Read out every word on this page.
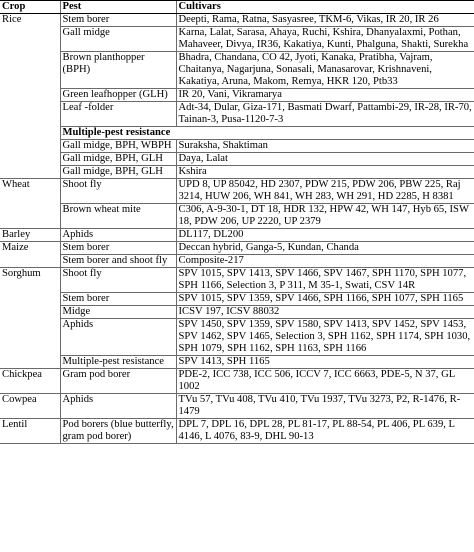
Crop	Pest	Cultivars
Rice	Stem borer	Deepti, Rama, Ratna, Sasyasree, TKM-6, Vikas, IR 20, IR 26
	Gall midge	Karna, Lalat, Sarasa, Ahaya, Ruchi, Kshira, Dhanyalaxmi, Pothan, Mahaveer, Divya, IR36, Kakatiya, Kunti, Phalguna, Shakti, Surekha
	Brown planthopper (BPH)	Bhadra, Chandana, CO 42, Jyoti, Kanaka, Pratibha, Vajram, Chaitanya, Nagarjuna, Sonasali, Manasarovar, Krishnaveni, Kakatiya, Aruna, Makom, Remya, HKR 120, Ptb33
	Green leafhopper (GLH)	IR 20, Vani, Vikramarya
	Leaf -folder	Adt-34, Dular, Giza-171, Basmati Dwarf, Pattambi-29, IR-28, IR-70, Tainan-3, Pusa-1120-7-3
	Multiple-pest resistance	
	Gall midge, BPH, WBPH	Suraksha, Shaktiman
	Gall midge, BPH, GLH	Daya, Lalat
	Gall midge, BPH, GLH	Kshira
Wheat	Shoot fly	UPD 8, UP 85042, HD 2307, PDW 215, PDW 206, PBW 225, Raj 3214, HUW 206, WH 841, WH 283, WH 291, HD 2285, H 8381
	Brown wheat mite	C306, A-9-30-1, DT 18, HDR 132, HPW 42, WH 147, Hyb 65, ISW 18, PDW 206, UP 2220, UP 2379
Barley	Aphids	DL117, DL200
Maize	Stem borer	Deccan hybrid, Ganga-5, Kundan, Chanda
	Stem borer and shoot fly	Composite-217
Sorghum	Shoot fly	SPV 1015, SPV 1413, SPV 1466, SPV 1467, SPH 1170, SPH 1077, SPH 1166, Selection 3, P 311, M 35-1, Swati, CSV 14R
	Stem borer	SPV 1015, SPV 1359, SPV 1466, SPH 1166, SPH 1077, SPH 1165
	Midge	ICSV 197, ICSV 88032
	Aphids	SPV 1450, SPV 1359, SPV 1580, SPV 1413, SPV 1452, SPV 1453, SPV 1462, SPV 1465, Selection 3, SPH 1162, SPH 1174, SPH 1030, SPH 1079, SPH 1162, SPH 1163, SPH 1166
	Multiple-pest resistance	SPV 1413, SPH 1165
Chickpea	Gram pod borer	PDE-2, ICC 738, ICC 506, ICCV 7, ICC 6663, PDE-5, N 37, GL 1002
Cowpea	Aphids	TVu 57, TVu 408, TVu 410, TVu 1937, TVu 3273, P2, R-1476, R-1479
Lentil	Pod borers (blue butterfly, gram pod borer)	DPL 7, DPL 16, DPL 28, PL 81-17, PL 88-54, PL 406, PL 639, L 4146, L 4076, 83-9, DHL 90-13
